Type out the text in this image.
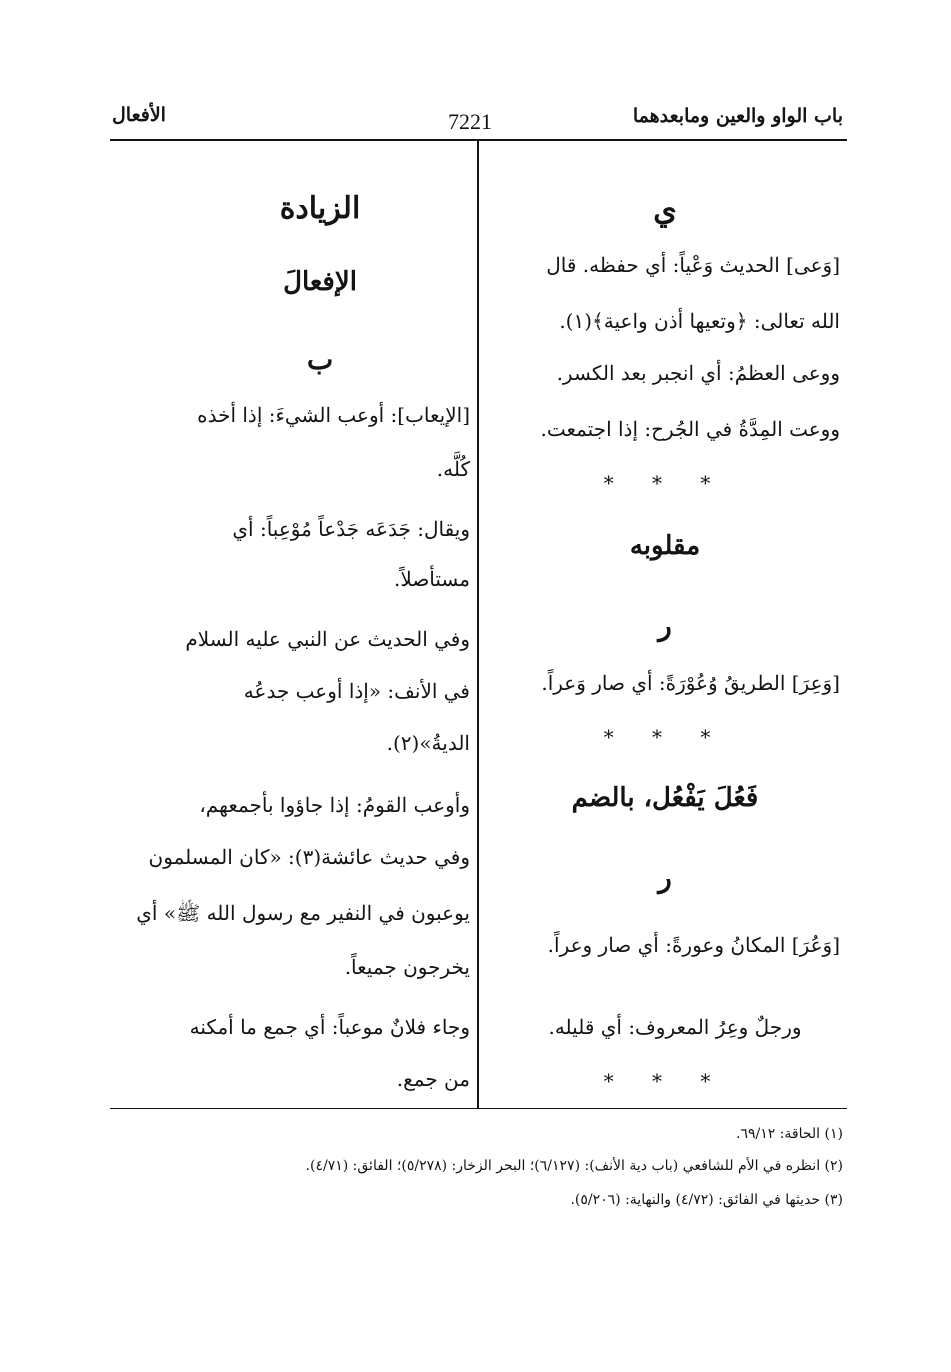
باب الواو والعين ومابعدهما
7221
الأفعال
ي
[وَعى] الحديث وَعْياً: أي حفظه. قال
الله تعالى: ﴿وتعيها أذن واعية﴾(١).
ووعى العظمُ: أي انجبر بعد الكسر.
ووعت المِدَّةُ في الجُرح: إذا اجتمعت.
* * *
مقلوبه
ر
[وَعِرَ] الطريقُ وُعُوْرَةً: أي صار وَعراً.
* * *
فَعُلَ يَفْعُل، بالضم
ر
[وَعُرَ] المكانُ وعورةً: أي صار وعراً.
ورجلٌ وعِرُ المعروف: أي قليله.
* * *
الزيادة
الإفعالَ
ب
[الإيعاب]: أوعب الشيءَ: إذا أخذه
كُلَّه.
ويقال: جَدَعَه جَدْعاً مُوْعِباً: أي
مستأصلاً.
وفي الحديث عن النبي عليه السلام
في الأنف: «إذا أوعب جدعُه
الديةُ»(٢).
وأوعب القومُ: إذا جاؤوا بأجمعهم،
وفي حديث عائشة(٣): «كان المسلمون
يوعبون في النفير مع رسول الله ﷺ» أي
يخرجون جميعاً.
وجاء فلانٌ موعباً: أي جمع ما أمكنه
من جمع.
(١) الحاقة: ٦٩/١٢.
(٢) انظره في الأم للشافعي (باب دية الأنف): (٦/١٢٧)؛ البحر الزخار: (٥/٢٧٨)؛ الفائق: (٤/٧١).
(٣) حديثها في الفائق: (٤/٧٢) والنهاية: (٥/٢٠٦).
